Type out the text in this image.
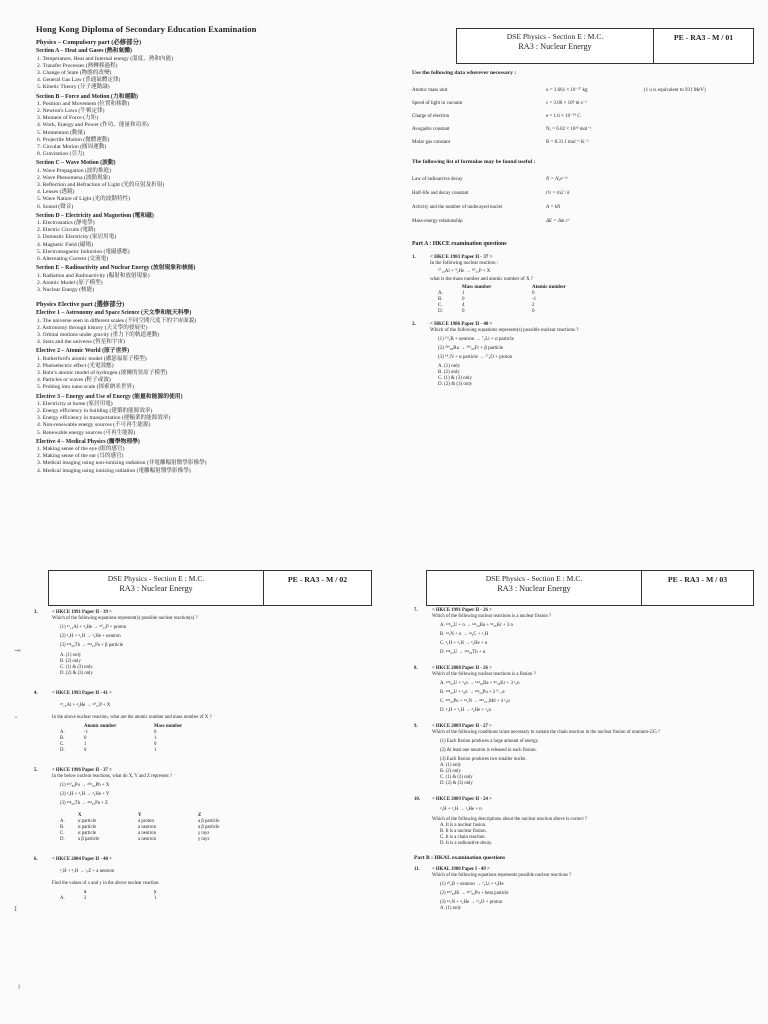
Hong Kong Diploma of Secondary Education Examination
Physics – Compulsory part (必修部分)
Section A – Heat and Gases (熱和氣體)
1. Temperature, Heat and Internal energy (溫度、熱和內能)
2. Transfer Processes (熱轉移過程)
3. Change of State (物態的改變)
4. General Gas Law (普通氣體定律)
5. Kinetic Theory (分子運動論)
Section B – Force and Motion (力和運動)
1. Position and Movement (位置和移動)
2. Newton's Laws (牛頓定律)
3. Moment of Force (力矩)
4. Work, Energy and Power (作功、能量和功率)
5. Momentum (動量)
6. Projectile Motion (拋體運動)
7. Circular Motion (圓周運動)
8. Gravitation (引力)
Section C – Wave Motion (波動)
1. Wave Propagation (波的推進)
2. Wave Phenomena (波動現象)
3. Reflection and Refraction of Light (光的反射及折射)
4. Lenses (透鏡)
5. Wave Nature of Light (光的波動特性)
6. Sound (聲音)
Section D – Electricity and Magnetism (電和磁)
1. Electrostatics (靜電學)
2. Electric Circuits (電路)
3. Domestic Electricity (家居用電)
4. Magnetic Field (磁場)
5. Electromagnetic Induction (電磁感應)
6. Alternating Current (交流電)
Section E – Radioactivity and Nuclear Energy (放射現象和核能)
1. Radiation and Radioactivity (輻射和放射現象)
2. Atomic Model (原子模型)
3. Nuclear Energy (核能)
Physics Elective part (選修部分)
Elective 1 – Astronomy and Space Science (天文學和航天科學)
1. The universe seen in different scales (不同空間尺度下的宇宙面貌)
2. Astronomy through history (天文學的發展史)
3. Orbital motions under gravity (重力下的軌道運動)
4. Stars and the universe (恆星和宇宙)
Elective 2 – Atomic World (原子世界)
1. Rutherford's atomic model (盧瑟福原子模型)
2. Photoelectric effect (光電效應)
3. Bohr's atomic model of hydrogen (玻爾的氫原子模型)
4. Particles or waves (粒子或波)
5. Probing into nano scale (探索納米世界)
Elective 3 – Energy and Use of Energy (能量和能源的使用)
1. Electricity at home (家居用電)
2. Energy efficiency in building (建築的能源效率)
3. Energy efficiency in transportation (運輸業的能源效率)
4. Non-renewable energy sources (不可再生能源)
5. Renewable energy sources (可再生能源)
Elective 4 – Medical Physics (醫學物理學)
1. Making sense of the eye (眼的感官)
2. Making sense of the ear (耳的感官)
3. Medical imaging using non-ionizing radiation (非電離輻射醫學影像學)
4. Medical imaging using ionizing radiation (電離輻射醫學影像學)
DSE Physics - Section E : M.C.
RA3 : Nuclear Energy
PE - RA3 - M / 01
Use the following data wherever necessary :
Atomic mass unit	u = 1.661 × 10⁻²⁷ kg	(1 u is equivalent to 931 MeV)
Speed of light in vacuum	c = 3.00 × 10⁸ m s⁻¹
Charge of electron	e = 1.6 × 10⁻¹⁹ C
Avogadro constant	Nₐ = 6.02 × 10²³ mol⁻¹
Molar gas constant	R = 8.31 J mol⁻¹ K⁻¹
The following list of formulae may be found useful :
Law of radioactive decay	N = N₀e⁻ᵏᵗ
Half-life and decay constant	t½ = ln2 / k
Activity and the number of undecayed nuclei	A = kN
Mass-energy relationship	ΔE = Δm c²
Part A : HKCE examination questions
1.	< HKCE 1983 Paper II - 37 >
In the following nuclear reaction :
²⁷₁₃Al + ⁴₂He → ³⁰₁₅P + X
what is the mass number and atomic number of X ?
Mass number	Atomic number
A.	1	0
B.	0	-1
C.	4	2
D.	0	0
2.	< HKCE 1986 Paper II - 40 >
Which of the following equations represent(s) possible nuclear reactions ?
(1) ¹⁰₅B + neutron → ⁷₃Li + α particle
(2) ²²⁶₈₈Ra → ²²⁶₈₉Fr + β particle
(3) ¹⁴₇N + α particle → ¹⁷₈O + proton
A. (1) only
B. (2) only
C. (1) & (3) only
D. (2) & (3) only
DSE Physics - Section E : M.C.
RA3 : Nuclear Energy
PE - RA3 - M / 02
3.	< HKCE 1991 Paper II - 39 >
Which of the following equations represent(s) possible nuclear reaction(s) ?
(1) ²⁷₁₃Al + ⁴₂He → ³⁰₁₅P + proton
(2) ²₁H + ²₁H → ³₂He + neutron
(3) ²³⁴₉₀Th → ²³⁴₉₁Pa + β particle
A. (1) only
B. (2) only
C. (1) & (3) only
D. (2) & (3) only
4.	< HKCE 1993 Paper II - 41 >
²⁷₁₃Al + ⁴₂He → ³⁰₁₅P + X
In the above nuclear reaction, what are the atomic number and mass number of X ?
Atomic number	Mass number
A.	-1	0
B.	0	1
C.	1	0
D.	0	1
5.	< HKCE 1996 Paper II - 37 >
In the below nuclear reactions, what do X, Y and Z represent ?
(1) ²¹⁰₈₄Po → ²⁰⁶₈₂Pb + X
(2) ²₁H + ²₁H → ³₂He + Y
(3) ²³⁴₉₀Th → ²³⁴₉₁Pa + Z
X	Y	Z
A.	α particle	a proton	a β particle
B.	α particle	a neutron	a β particle
C.	α particle	a neutron	γ rays
D.	a β particle	a neutron	γ rays
6.	< HKCE 2004 Paper II - 40 >
²₁H + ²₁H → ʸₓZ + a neutron
Find the values of x and y in the above nuclear reaction.
x	y
A.	2	1
⊸
ˇ
ɪ
ı
DSE Physics - Section E : M.C.
RA3 : Nuclear Energy
PE - RA3 - M / 03
7.	< HKCE 1991 Paper II - 26 >
Which of the following nuclear reactions is a nuclear fission ?
A. ²³⁵₉₂U + n → ¹⁴¹₅₆Ba + ⁹²₃₆Kr + 3 n
B. ¹⁴₇N + n → ¹⁴₆C + ¹₁H
C. ²₁H + ²₁H → ³₂He + n
D. ²³⁸₉₂U → ²³⁴₉₀Th + α
8.	< HKCE 2008 Paper II - 26 >
Which of the following nuclear reactions is a fission ?
A. ²³⁵₉₂U + ¹₀n → ¹⁴⁴₅₆Ba + ⁸⁹₃₆Kr + 3 ¹₀n
B. ²³⁸₉₂U + ¹₀n → ²³⁹₉₄Pu + 2 ⁰₋₁e
C. ²³⁹₉₄Pu + ¹⁴₇N → ²⁴⁹₁₀₁Md + 4 ¹₀n
D. ²₁H + ³₁H → ⁴₂He + ¹₀n
9.	< HKCE 2009 Paper II - 27 >
Which of the following conditions is/are necessary to sustain the chain reaction in the nuclear fission of uranium-235 ?
(1) Each fission produces a large amount of energy.
(2) At least one neutron is released in each fission.
(3) Each fission produces two smaller nuclei.
A. (1) only
B. (2) only
C. (1) & (3) only
D. (2) & (3) only
10.	< HKCE 2009 Paper II - 24 >
²₁H + ²₁H → ³₂He + n
Which of the following descriptions about the nuclear reaction above is correct ?
A. It is a nuclear fusion.
B. It is a nuclear fission.
C. It is a chain reaction.
D. It is a radioactive decay.
Part B : HKAL examination questions
11.	< HKAL 1980 Paper I - 49 >
Which of the following equations represents possible nuclear reactions ?
(1) ¹⁰₅B + neutron → ⁷₃Li + ⁴₂He
(2) ²¹⁰₈₃Bi → ²¹⁰₈₄Po + beta particle
(3) ¹⁴₇N + ⁴₂He → ¹⁷₈O + proton
A. (1) only
